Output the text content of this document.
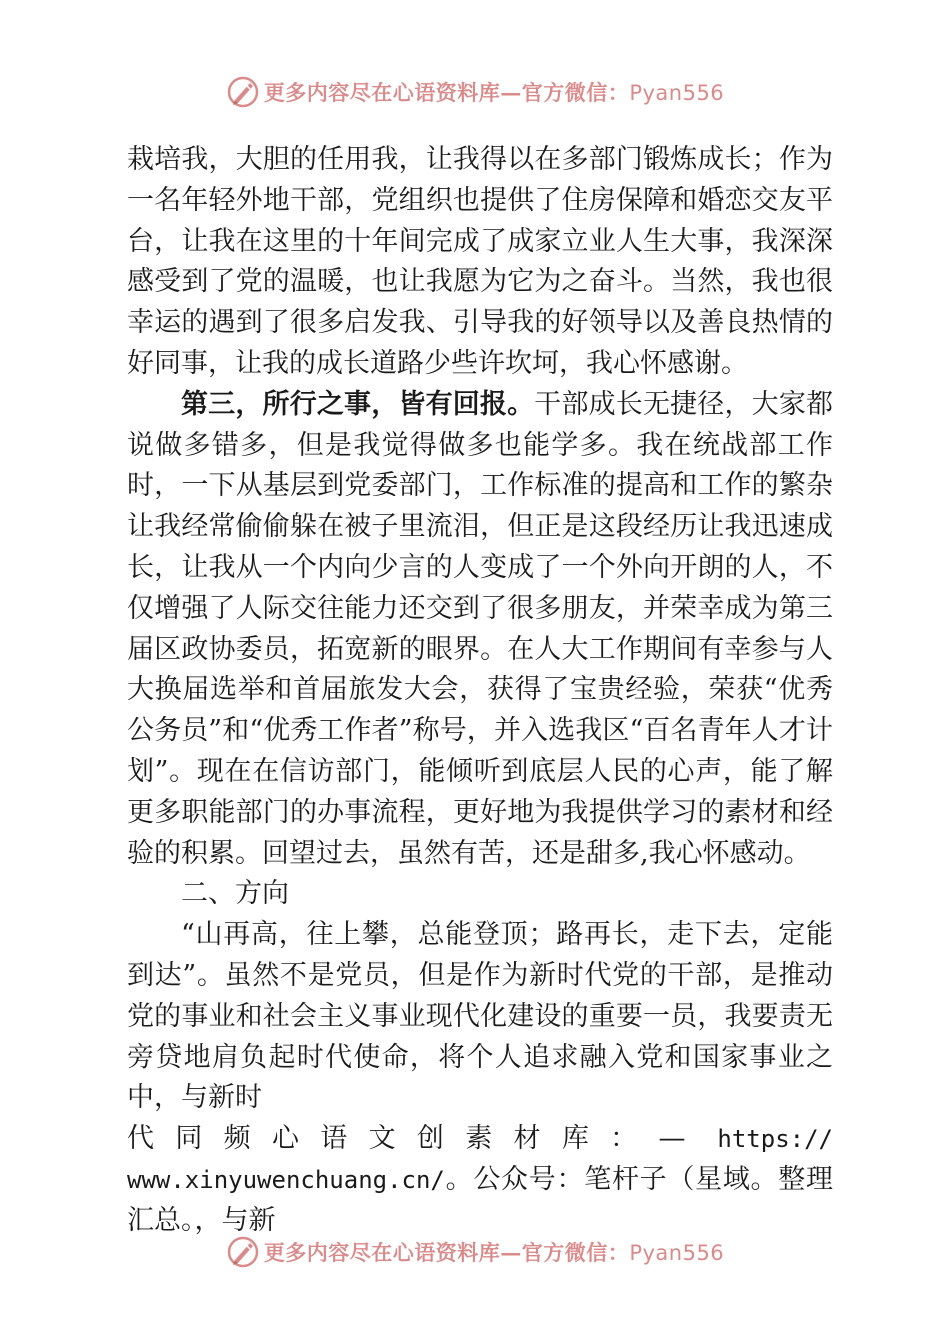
更多内容尽在心语资料库—官方微信：Pyan556

栽培我，大胆的任用我，让我得以在多部门锻炼成长；作为一名年轻外地干部，党组织也提供了住房保障和婚恋交友平台，让我在这里的十年间完成了成家立业人生大事，我深深感受到了党的温暖，也让我愿为它为之奋斗。当然，我也很幸运的遇到了很多启发我、引导我的好领导以及善良热情的好同事，让我的成长道路少些许坎坷，我心怀感谢。

第三，所行之事，皆有回报。干部成长无捷径，大家都说做多错多，但是我觉得做多也能学多。我在统战部工作时，一下从基层到党委部门，工作标准的提高和工作的繁杂让我经常偷偷躲在被子里流泪，但正是这段经历让我迅速成长，让我从一个内向少言的人变成了一个外向开朗的人，不仅增强了人际交往能力还交到了很多朋友，并荣幸成为第三届区政协委员，拓宽新的眼界。在人大工作期间有幸参与人大换届选举和首届旅发大会，获得了宝贵经验，荣获“优秀公务员”和“优秀工作者”称号，并入选我区“百名青年人才计划”。现在在信访部门，能倾听到底层人民的心声，能了解更多职能部门的办事流程，更好地为我提供学习的素材和经验的积累。回望过去，虽然有苦，还是甜多,我心怀感动。

二、方向

“山再高，往上攀，总能登顶；路再长，走下去，定能到达”。虽然不是党员，但是作为新时代党的干部，是推动党的事业和社会主义事业现代化建设的重要一员，我要责无旁贷地肩负起时代使命，将个人追求融入党和国家事业之中，与新时

代同频心语文创素材库：— https://

www.xinyuwenchuang.cn/。公众号：笔杆子（星域。整理汇总。，与新

更多内容尽在心语资料库—官方微信：Pyan556
